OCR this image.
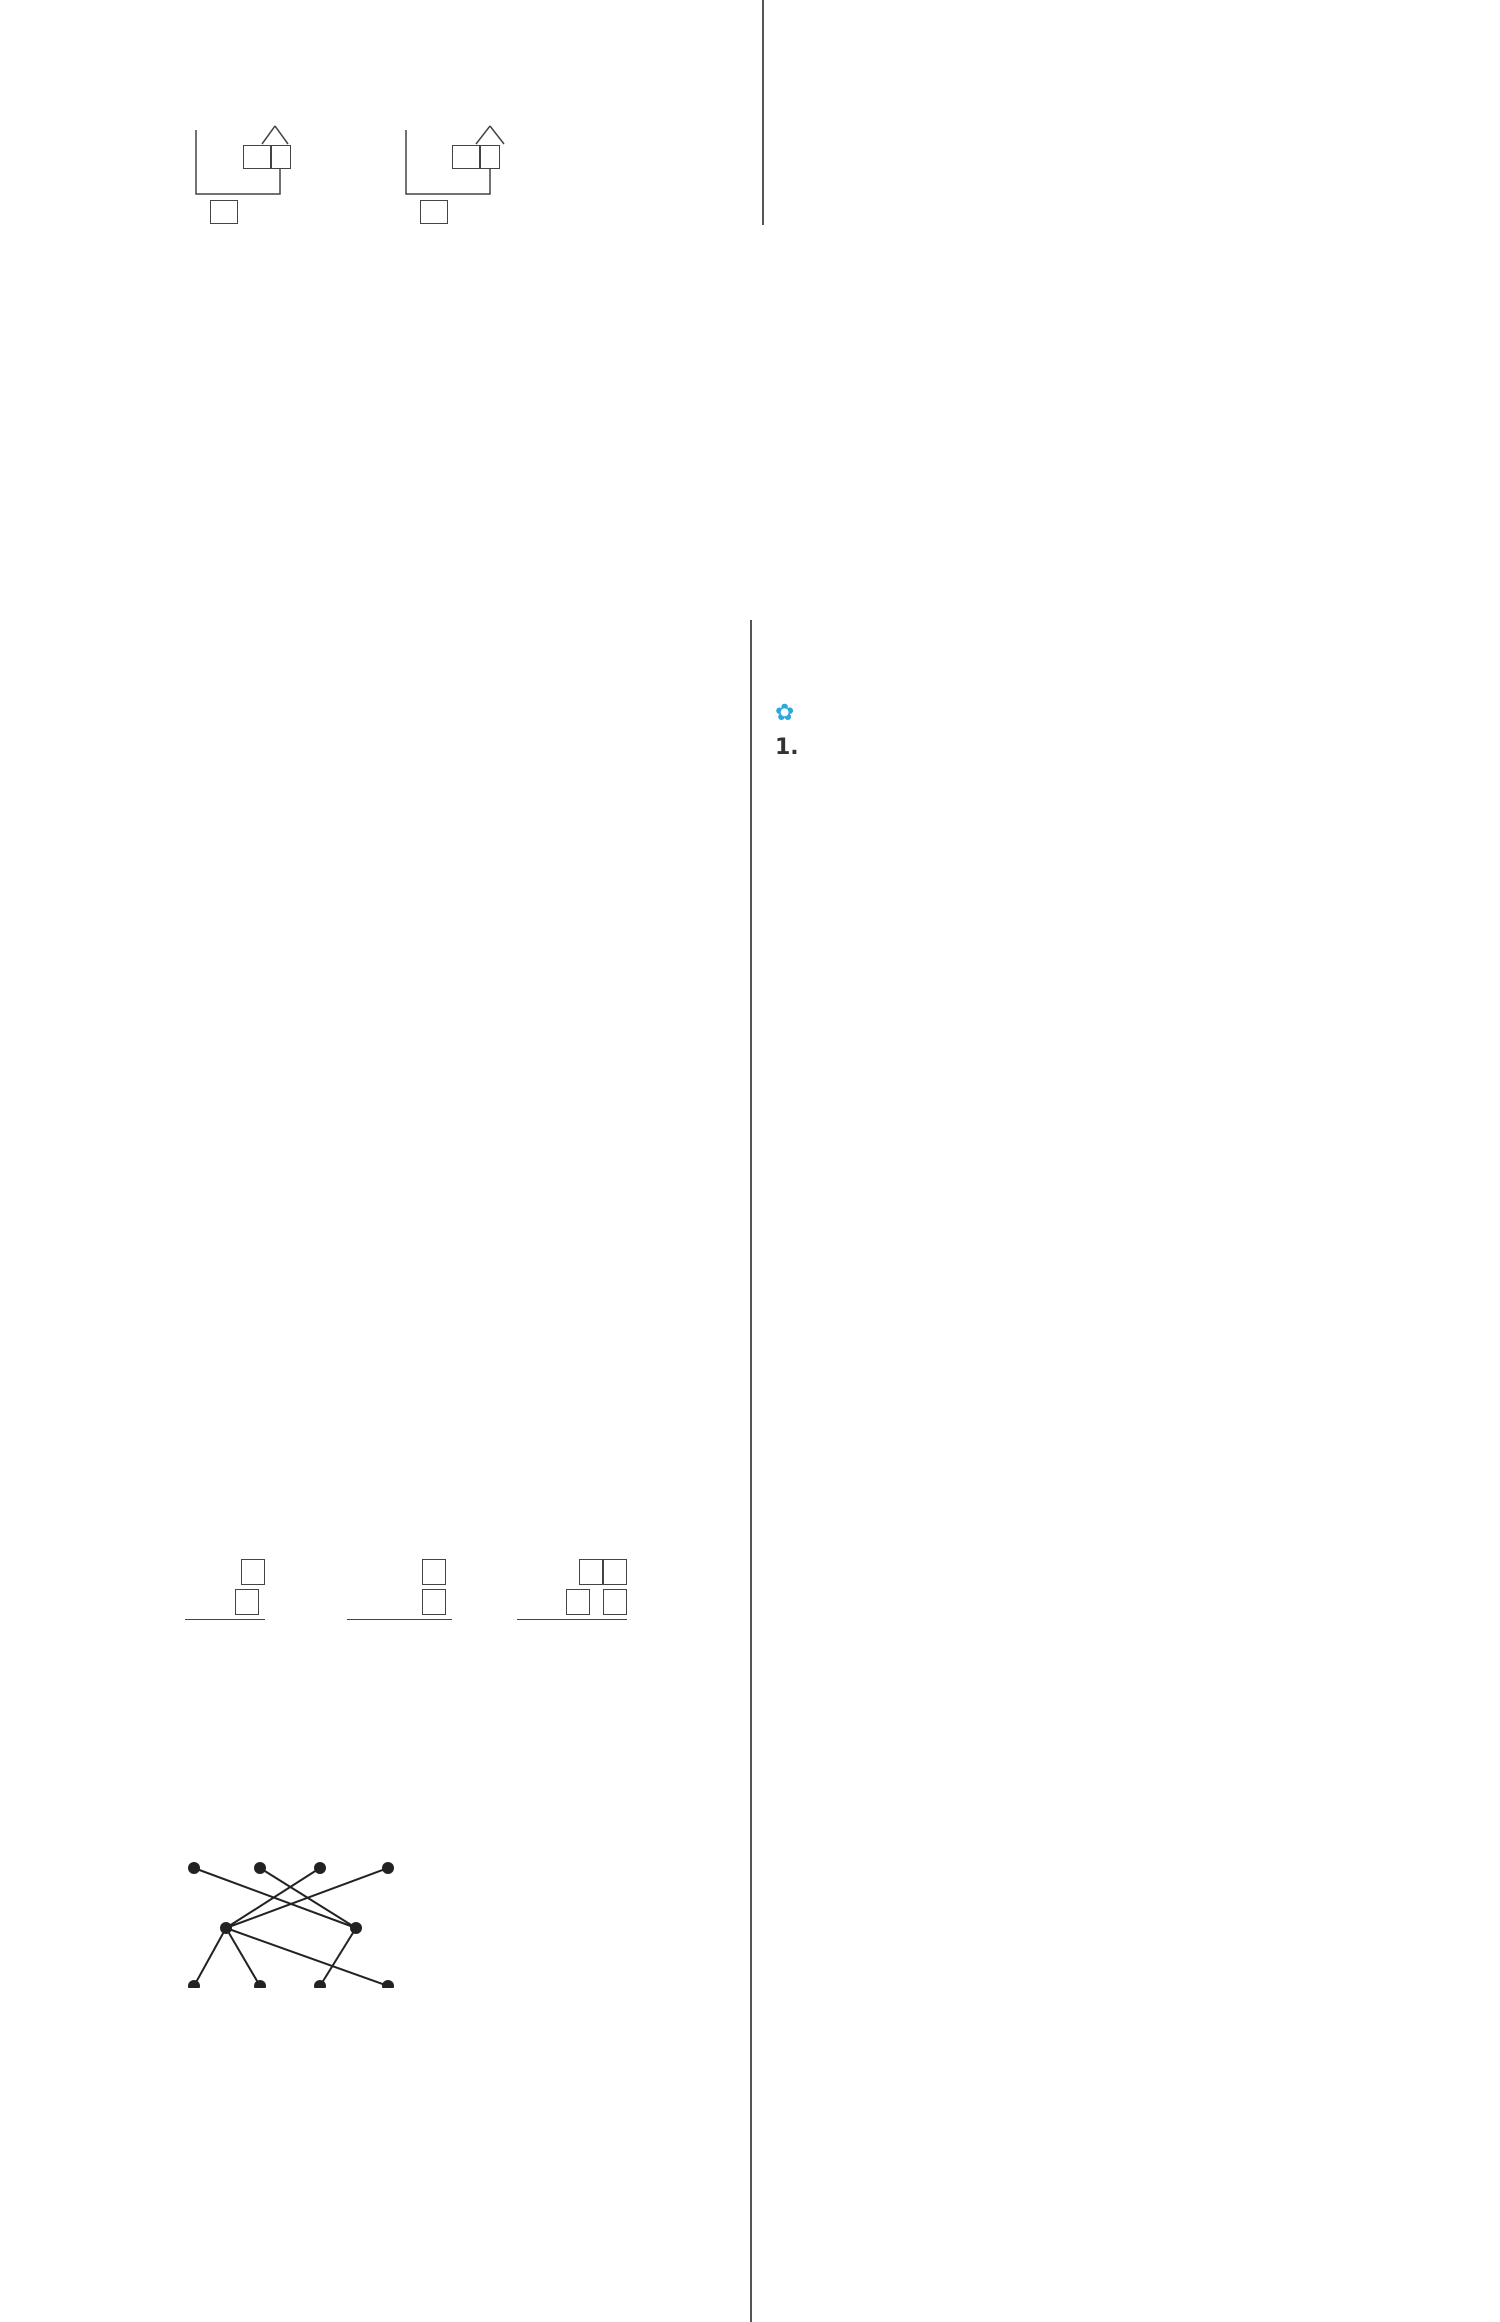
✿
1.
